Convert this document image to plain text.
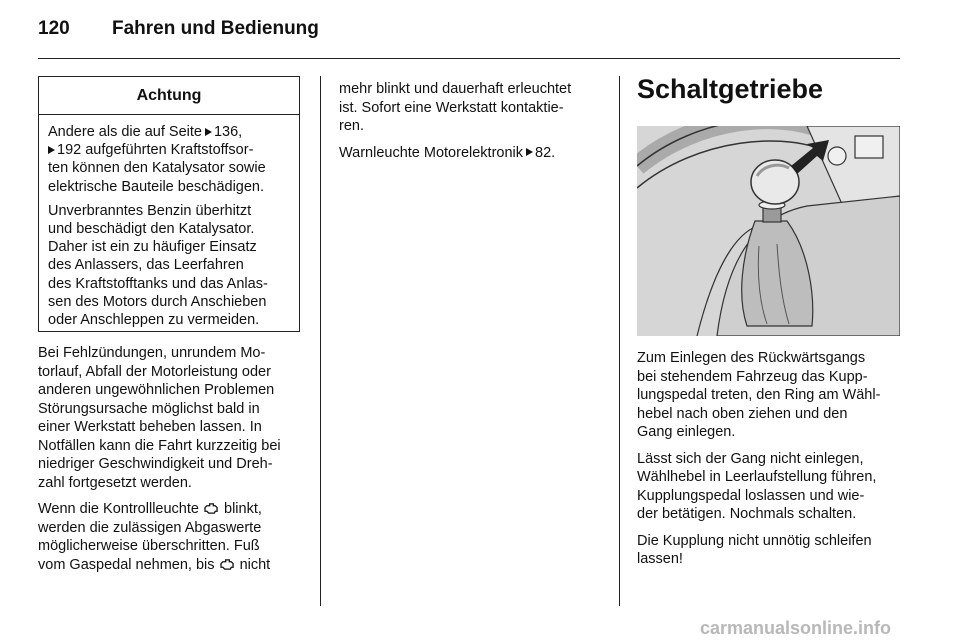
120 Fahren und Bedienung
Achtung

Andere als die auf Seite 136,
192 aufgeführten Kraftstoffsor-
ten können den Katalysator sowie
elektrische Bauteile beschädigen.

Unverbranntes Benzin überhitzt
und beschädigt den Katalysator.
Daher ist ein zu häufiger Einsatz
des Anlassers, das Leerfahren
des Kraftstofftanks und das Anlas-
sen des Motors durch Anschieben
oder Anschleppen zu vermeiden.

Bei Fehlzündungen, unrundem Mo-
torlauf, Abfall der Motorleistung oder
anderen ungewöhnlichen Problemen
Störungsursache möglichst bald in
einer Werkstatt beheben lassen. In
Notfällen kann die Fahrt kurzzeitig bei
niedriger Geschwindigkeit und Dreh-
zahl fortgesetzt werden.

Wenn die Kontrollleuchte blinkt,
werden die zulässigen Abgaswerte
möglicherweise überschritten. Fuß
vom Gaspedal nehmen, bis nicht

mehr blinkt und dauerhaft erleuchtet
ist. Sofort eine Werkstatt kontaktie-
ren.

Warnleuchte Motorelektronik 82.

Schaltgetriebe

Zum Einlegen des Rückwärtsgangs
bei stehendem Fahrzeug das Kupp-
lungspedal treten, den Ring am Wähl-
hebel nach oben ziehen und den
Gang einlegen.

Lässt sich der Gang nicht einlegen,
Wählhebel in Leerlaufstellung führen,
Kupplungspedal loslassen und wie-
der betätigen. Nochmals schalten.

Die Kupplung nicht unnötig schleifen
lassen!

carmanualsonline.info
